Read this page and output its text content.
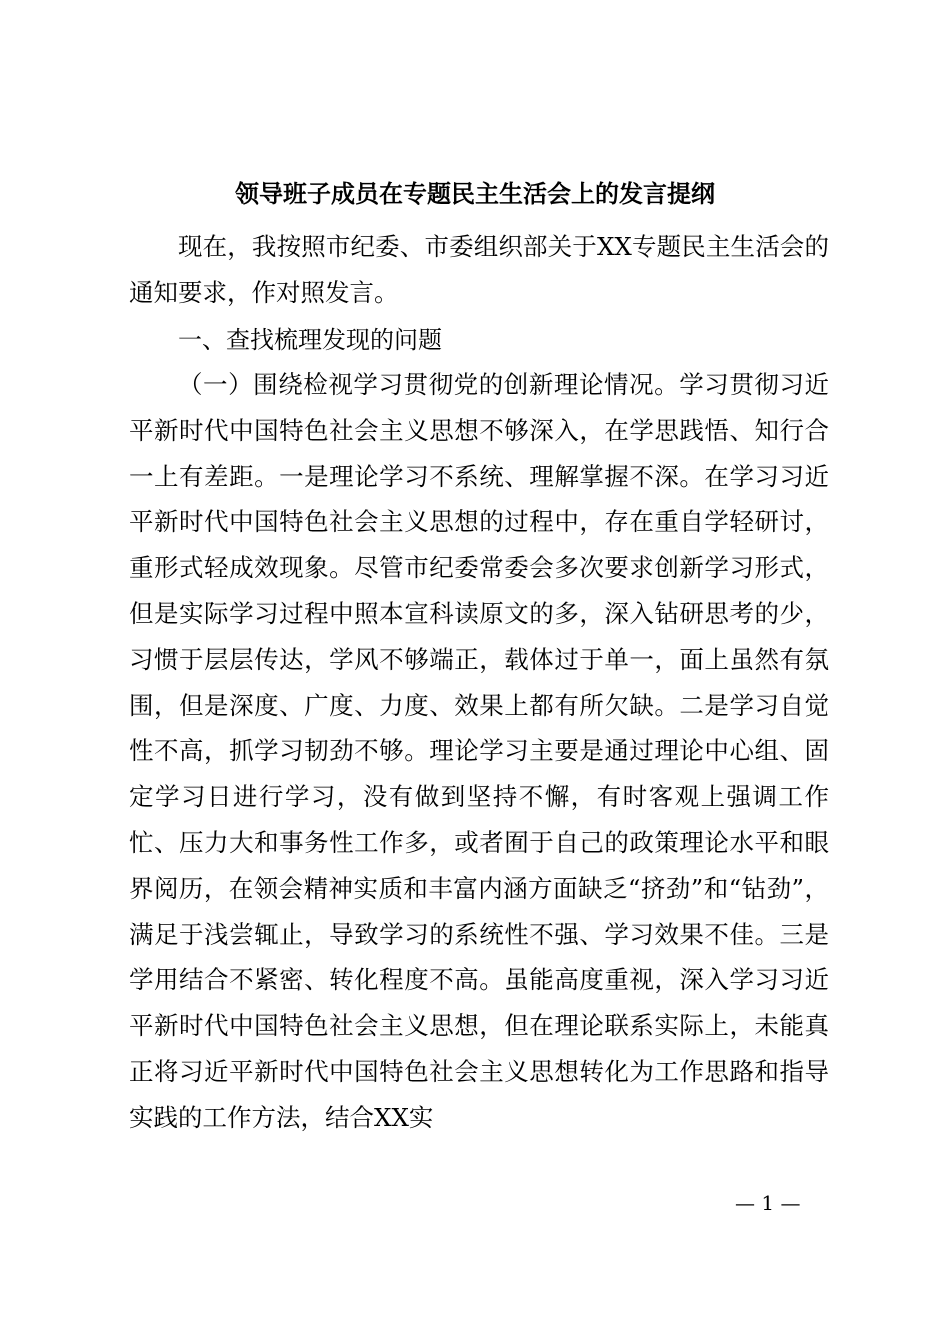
领导班子成员在专题民主生活会上的发言提纲

现在，我按照市纪委、市委组织部关于XX专题民主生活会的通知要求，作对照发言。

一、查找梳理发现的问题

（一）围绕检视学习贯彻党的创新理论情况。学习贯彻习近平新时代中国特色社会主义思想不够深入，在学思践悟、知行合一上有差距。一是理论学习不系统、理解掌握不深。在学习习近平新时代中国特色社会主义思想的过程中，存在重自学轻研讨，重形式轻成效现象。尽管市纪委常委会多次要求创新学习形式，但是实际学习过程中照本宣科读原文的多，深入钻研思考的少，习惯于层层传达，学风不够端正，载体过于单一，面上虽然有氛围，但是深度、广度、力度、效果上都有所欠缺。二是学习自觉性不高，抓学习韧劲不够。理论学习主要是通过理论中心组、固定学习日进行学习，没有做到坚持不懈，有时客观上强调工作忙、压力大和事务性工作多，或者囿于自己的政策理论水平和眼界阅历，在领会精神实质和丰富内涵方面缺乏“挤劲”和“钻劲”，满足于浅尝辄止，导致学习的系统性不强、学习效果不佳。三是学用结合不紧密、转化程度不高。虽能高度重视，深入学习习近平新时代中国特色社会主义思想，但在理论联系实际上，未能真正将习近平新时代中国特色社会主义思想转化为工作思路和指导实践的工作方法，结合XX实

— 1 —
